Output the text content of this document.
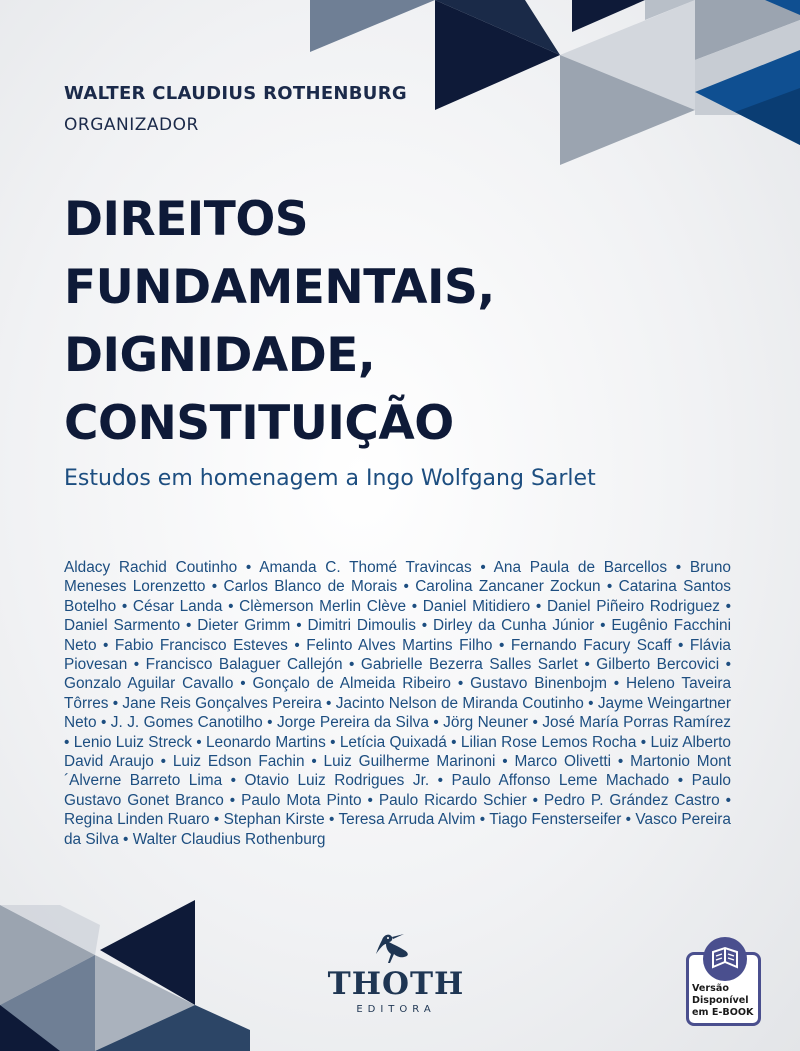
WALTER CLAUDIUS ROTHENBURG
ORGANIZADOR
DIREITOS
FUNDAMENTAIS,
DIGNIDADE,
CONSTITUIÇÃO
Estudos em homenagem a Ingo Wolfgang Sarlet
Aldacy Rachid Coutinho • Amanda C. Thomé Travincas • Ana Paula de Barcellos • Bruno Meneses Lorenzetto • Carlos Blanco de Morais • Carolina Zancaner Zockun • Catarina Santos Botelho • César Landa • Clèmerson Merlin Clève • Daniel Mitidiero • Daniel Piñeiro Rodriguez • Daniel Sarmento • Dieter Grimm • Dimitri Dimoulis • Dirley da Cunha Júnior • Eugênio Facchini Neto • Fabio Francisco Esteves • Felinto Alves Martins Filho • Fernando Facury Scaff • Flávia Piovesan • Francisco Balaguer Callejón • Gabrielle Bezerra Salles Sarlet • Gilberto Bercovici • Gonzalo Aguilar Cavallo • Gonçalo de Almeida Ribeiro • Gustavo Binenbojm • Heleno Taveira Tôrres • Jane Reis Gonçalves Pereira • Jacinto Nelson de Miranda Coutinho • Jayme Weingartner Neto • J. J. Gomes Canotilho • Jorge Pereira da Silva • Jörg Neuner • José María Porras Ramírez • Lenio Luiz Streck • Leonardo Martins • Letícia Quixadá • Lilian Rose Lemos Rocha • Luiz Alberto David Araujo • Luiz Edson Fachin • Luiz Guilherme Marinoni • Marco Olivetti • Martonio Mont´Alverne Barreto Lima • Otavio Luiz Rodrigues Jr. • Paulo Affonso Leme Machado • Paulo Gustavo Gonet Branco • Paulo Mota Pinto • Paulo Ricardo Schier • Pedro P. Grández Castro • Regina Linden Ruaro • Stephan Kirste • Teresa Arruda Alvim • Tiago Fensterseifer • Vasco Pereira da Silva • Walter Claudius Rothenburg
THOTH
EDITORA
Versão
Disponível
em E-BOOK
